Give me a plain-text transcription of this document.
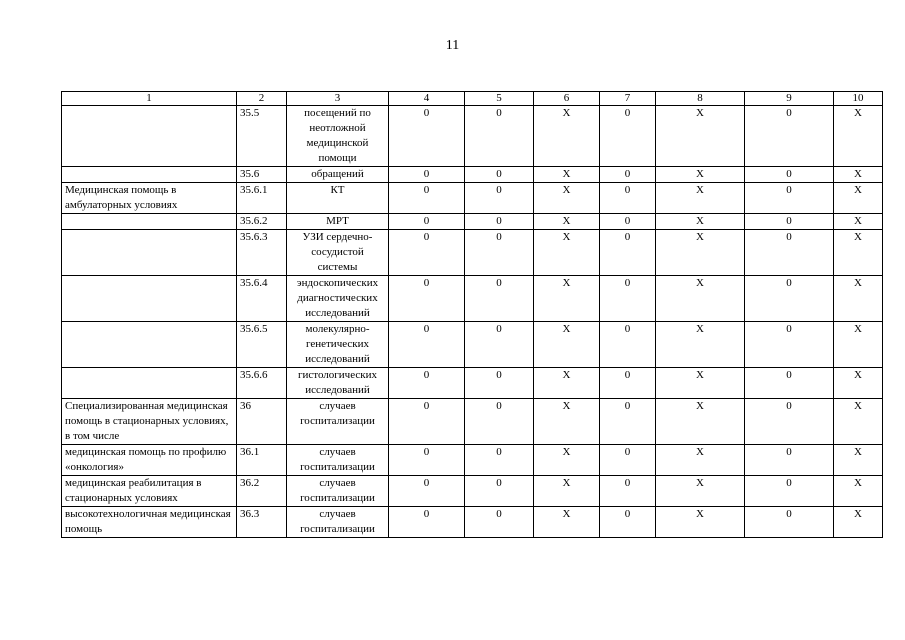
11
1	2	3	4	5	6	7	8	9	10
	35.5	посещений по неотложной медицинской помощи	0	0	X	0	X	0	X
	35.6	обращений	0	0	X	0	X	0	X
Медицинская помощь в амбулаторных условиях	35.6.1	КТ	0	0	X	0	X	0	X
	35.6.2	МРТ	0	0	X	0	X	0	X
	35.6.3	УЗИ сердечно-сосудистой системы	0	0	X	0	X	0	X
	35.6.4	эндоскопических диагностических исследований	0	0	X	0	X	0	X
	35.6.5	молекулярно-генетических исследований	0	0	X	0	X	0	X
	35.6.6	гистологических исследований	0	0	X	0	X	0	X
Специализированная медицинская помощь в стационарных условиях, в том числе	36	случаев госпитализации	0	0	X	0	X	0	X
медицинская помощь по профилю «онкология»	36.1	случаев госпитализации	0	0	X	0	X	0	X
медицинская реабилитация в стационарных условиях	36.2	случаев госпитализации	0	0	X	0	X	0	X
высокотехнологичная медицинская помощь	36.3	случаев госпитализации	0	0	X	0	X	0	X
